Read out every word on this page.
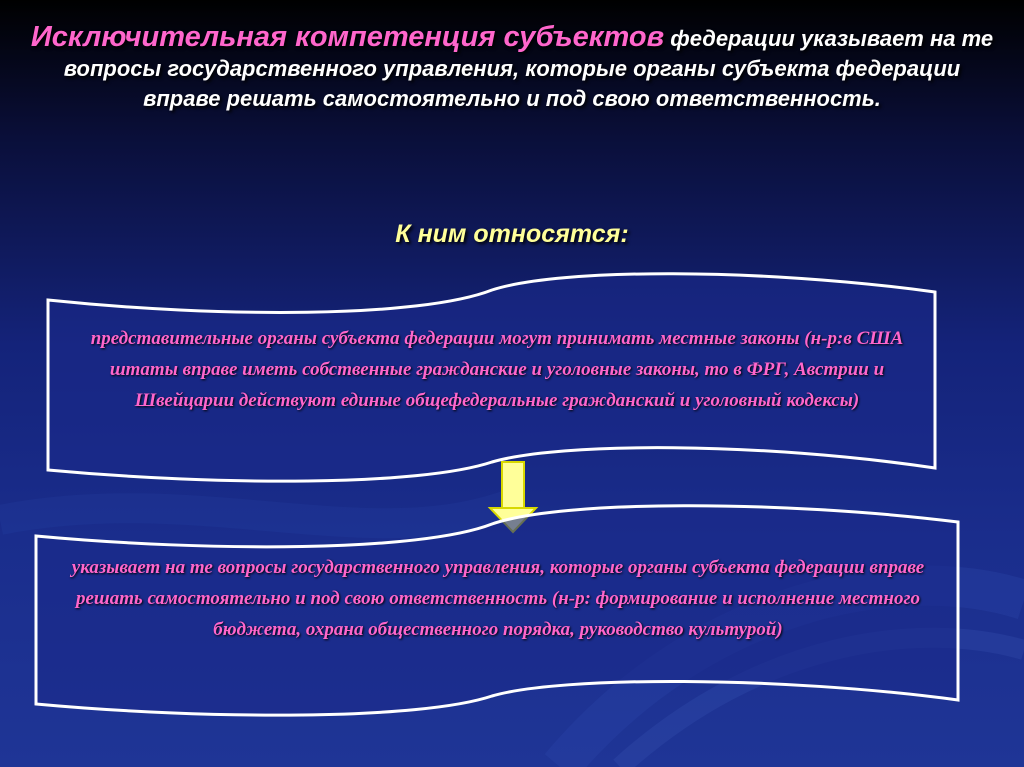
Исключительная компетенция субъектов федерации указывает на те вопросы государственного управления, которые органы субъекта федерации вправе решать самостоятельно и под свою ответственность.
К ним относятся:
представительные органы субъекта федерации могут принимать местные законы (н-р:в США штаты вправе иметь собственные гражданские и уголовные законы, то в ФРГ, Австрии и Швейцарии действуют единые общефедеральные гражданский и уголовный кодексы)
указывает на те вопросы государственного управления, которые органы субъекта федерации вправе решать самостоятельно и под свою ответственность (н-р: формирование и исполнение местного бюджета, охрана общественного порядка, руководство культурой)
